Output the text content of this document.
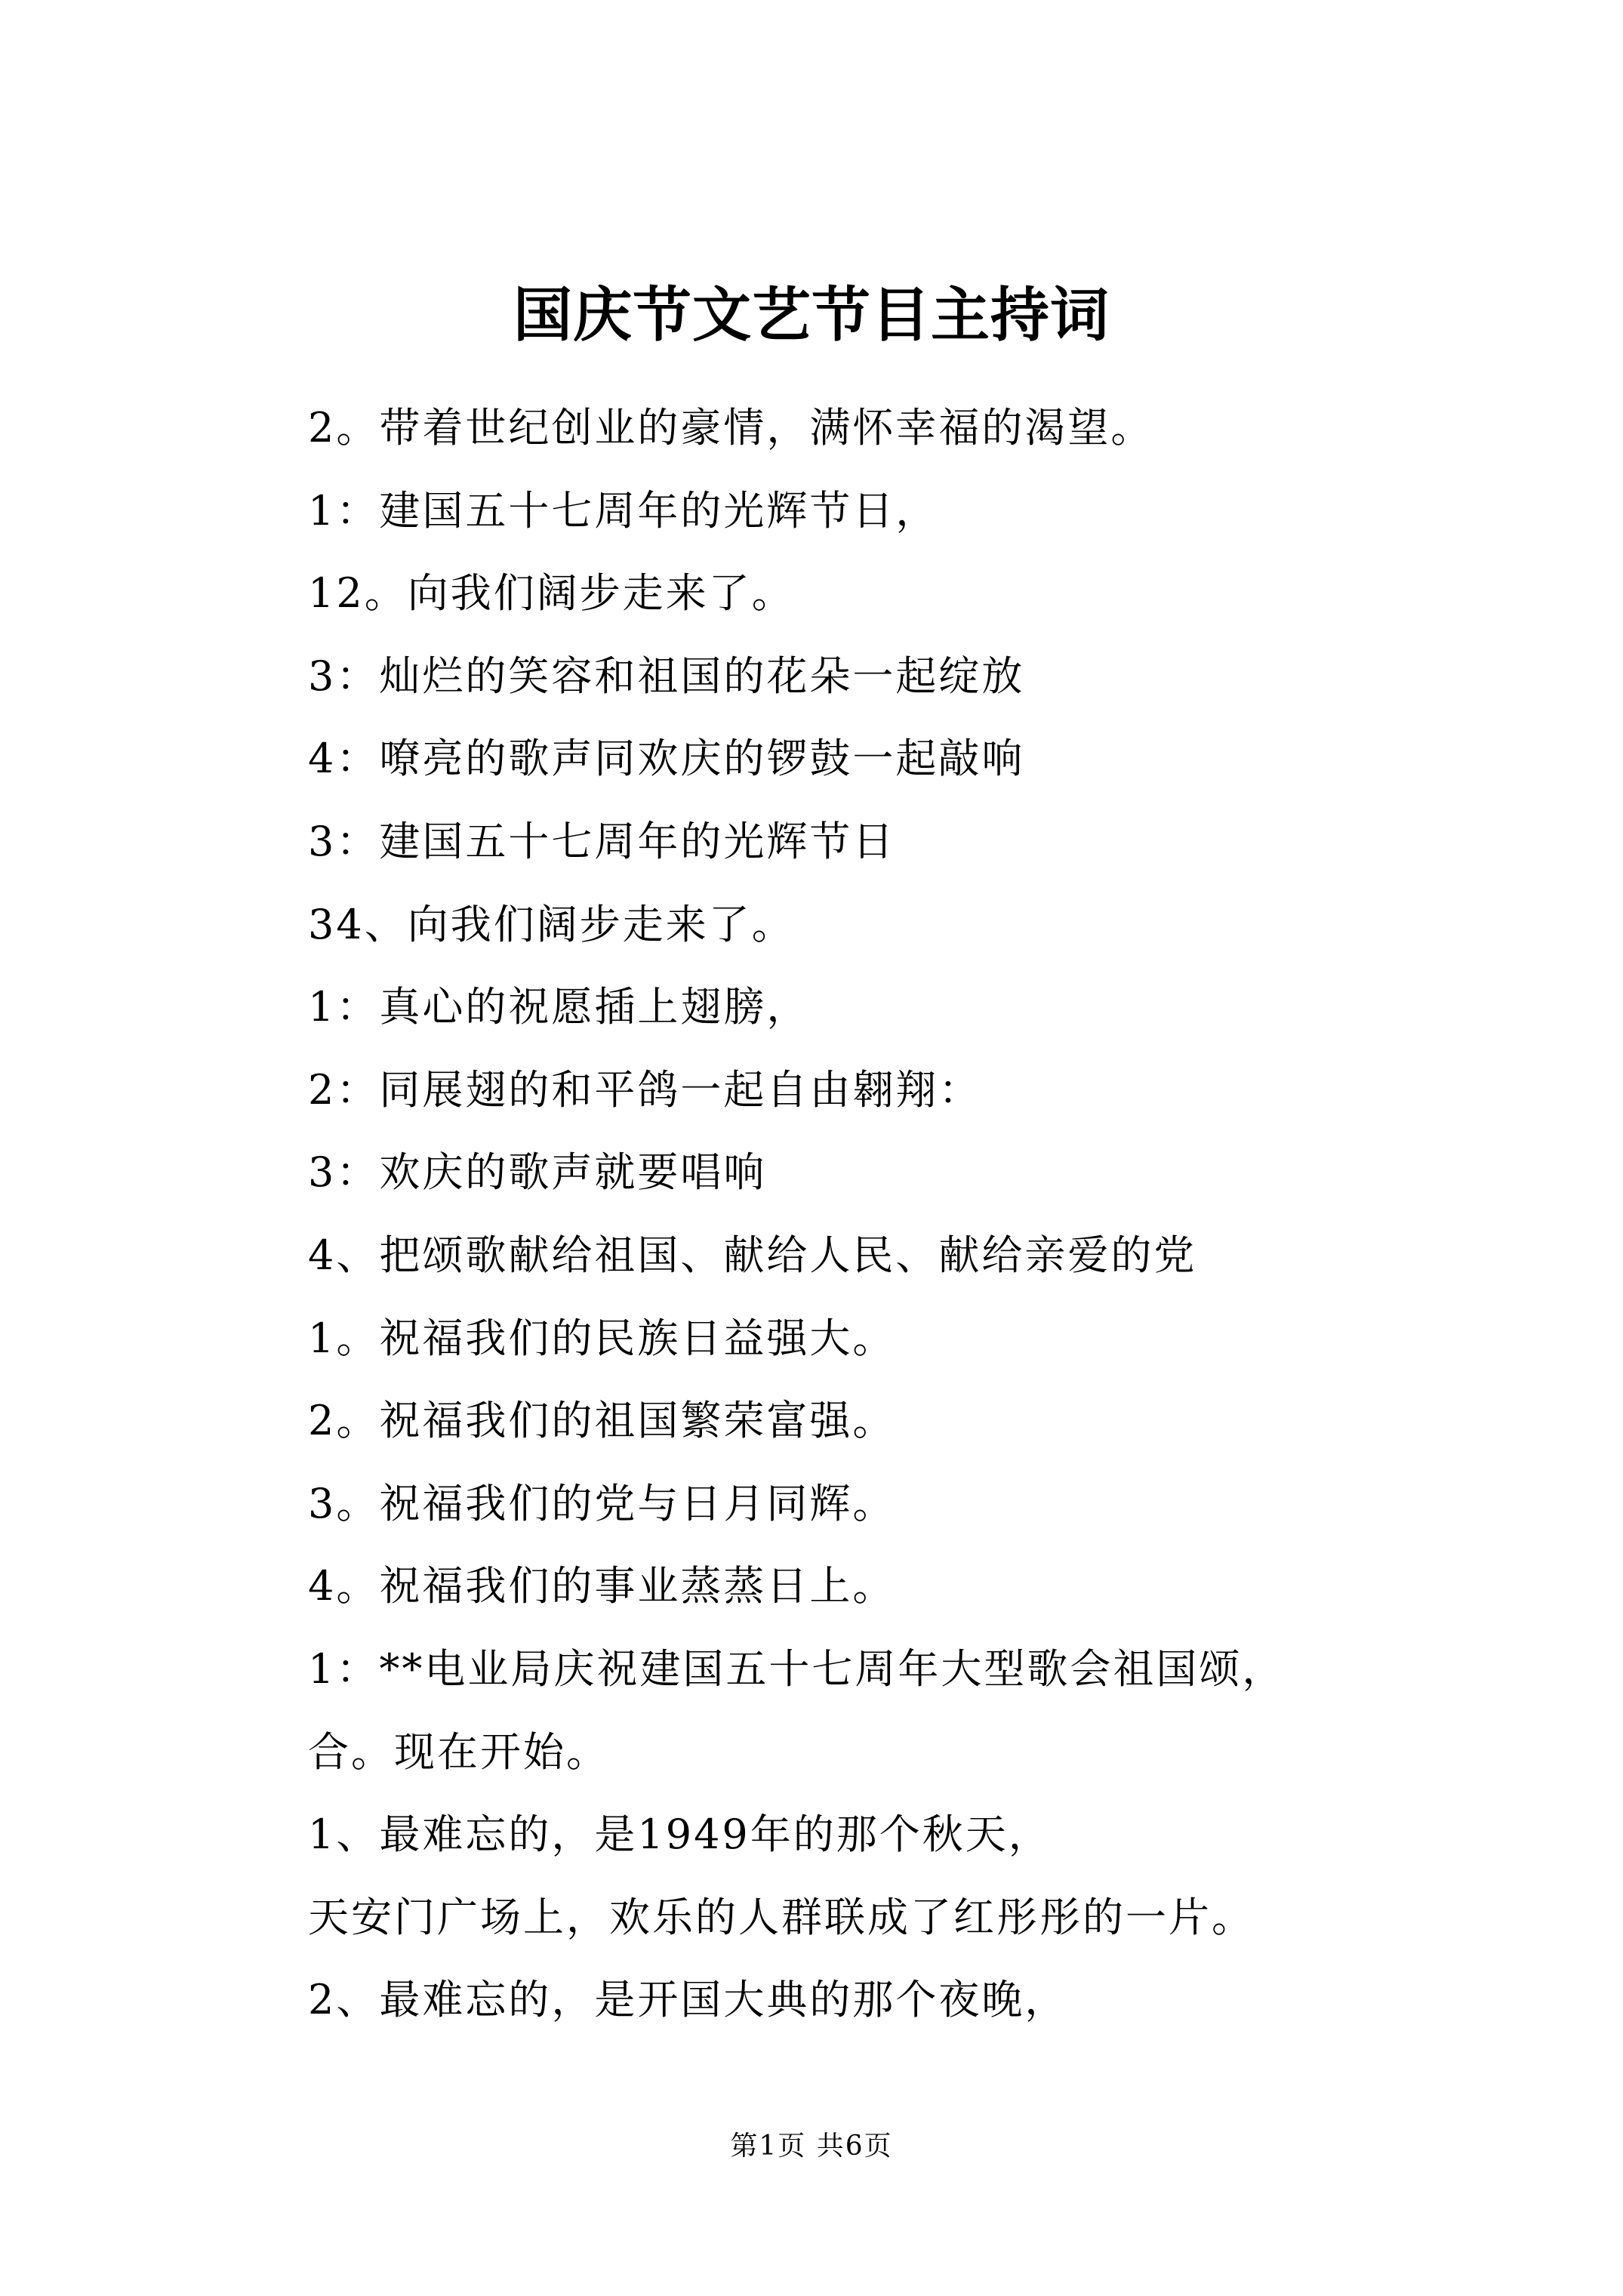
国庆节文艺节目主持词
2。带着世纪创业的豪情，满怀幸福的渴望。
1：建国五十七周年的光辉节日，
12。向我们阔步走来了。
3：灿烂的笑容和祖国的花朵一起绽放
4：嘹亮的歌声同欢庆的锣鼓一起敲响
3：建国五十七周年的光辉节日
34、向我们阔步走来了。
1：真心的祝愿插上翅膀，
2：同展翅的和平鸽一起自由翱翔：
3：欢庆的歌声就要唱响
4、把颂歌献给祖国、献给人民、献给亲爱的党
1。祝福我们的民族日益强大。
2。祝福我们的祖国繁荣富强。
3。祝福我们的党与日月同辉。
4。祝福我们的事业蒸蒸日上。
1：**电业局庆祝建国五十七周年大型歌会祖国颂，
合。现在开始。
1、最难忘的，是1949年的那个秋天，
天安门广场上，欢乐的人群联成了红彤彤的一片。
2、最难忘的，是开国大典的那个夜晚，
第1页 共6页
